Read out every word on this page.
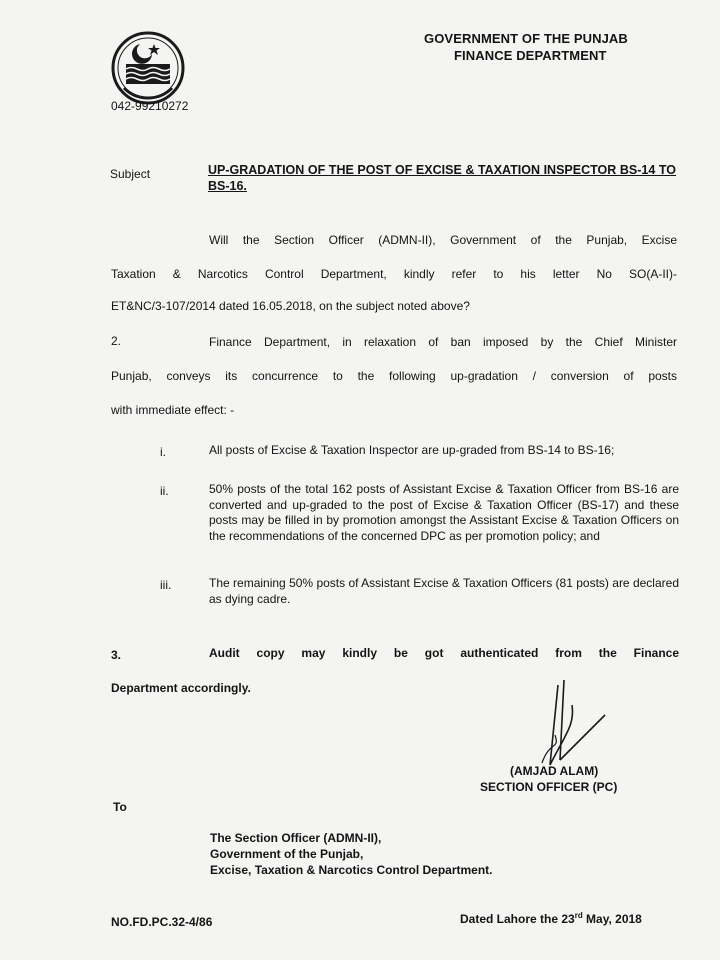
042-99210272
GOVERNMENT OF THE PUNJAB
FINANCE DEPARTMENT
Subject	UP-GRADATION OF THE POST OF EXCISE & TAXATION INSPECTOR BS-14 TO BS-16.
Will the Section Officer (ADMN-II), Government of the Punjab, Excise
Taxation & Narcotics Control Department, kindly refer to his letter No SO(A-II)-
ET&NC/3-107/2014 dated 16.05.2018, on the subject noted above?
2.	Finance Department, in relaxation of ban imposed by the Chief Minister
Punjab, conveys its concurrence to the following up-gradation / conversion of posts
with immediate effect: -
i.	All posts of Excise & Taxation Inspector are up-graded from BS-14 to BS-16;
ii.	50% posts of the total 162 posts of Assistant Excise & Taxation Officer from BS-16 are converted and up-graded to the post of Excise & Taxation Officer (BS-17) and these posts may be filled in by promotion amongst the Assistant Excise & Taxation Officers on the recommendations of the concerned DPC as per promotion policy; and
iii.	The remaining 50% posts of Assistant Excise & Taxation Officers (81 posts) are declared as dying cadre.
3.	Audit copy may kindly be got authenticated from the Finance
Department accordingly.
(AMJAD ALAM)
SECTION OFFICER (PC)
To
The Section Officer (ADMN-II),
Government of the Punjab,
Excise, Taxation & Narcotics Control Department.
NO.FD.PC.32-4/86	Dated Lahore the 23rd May, 2018
